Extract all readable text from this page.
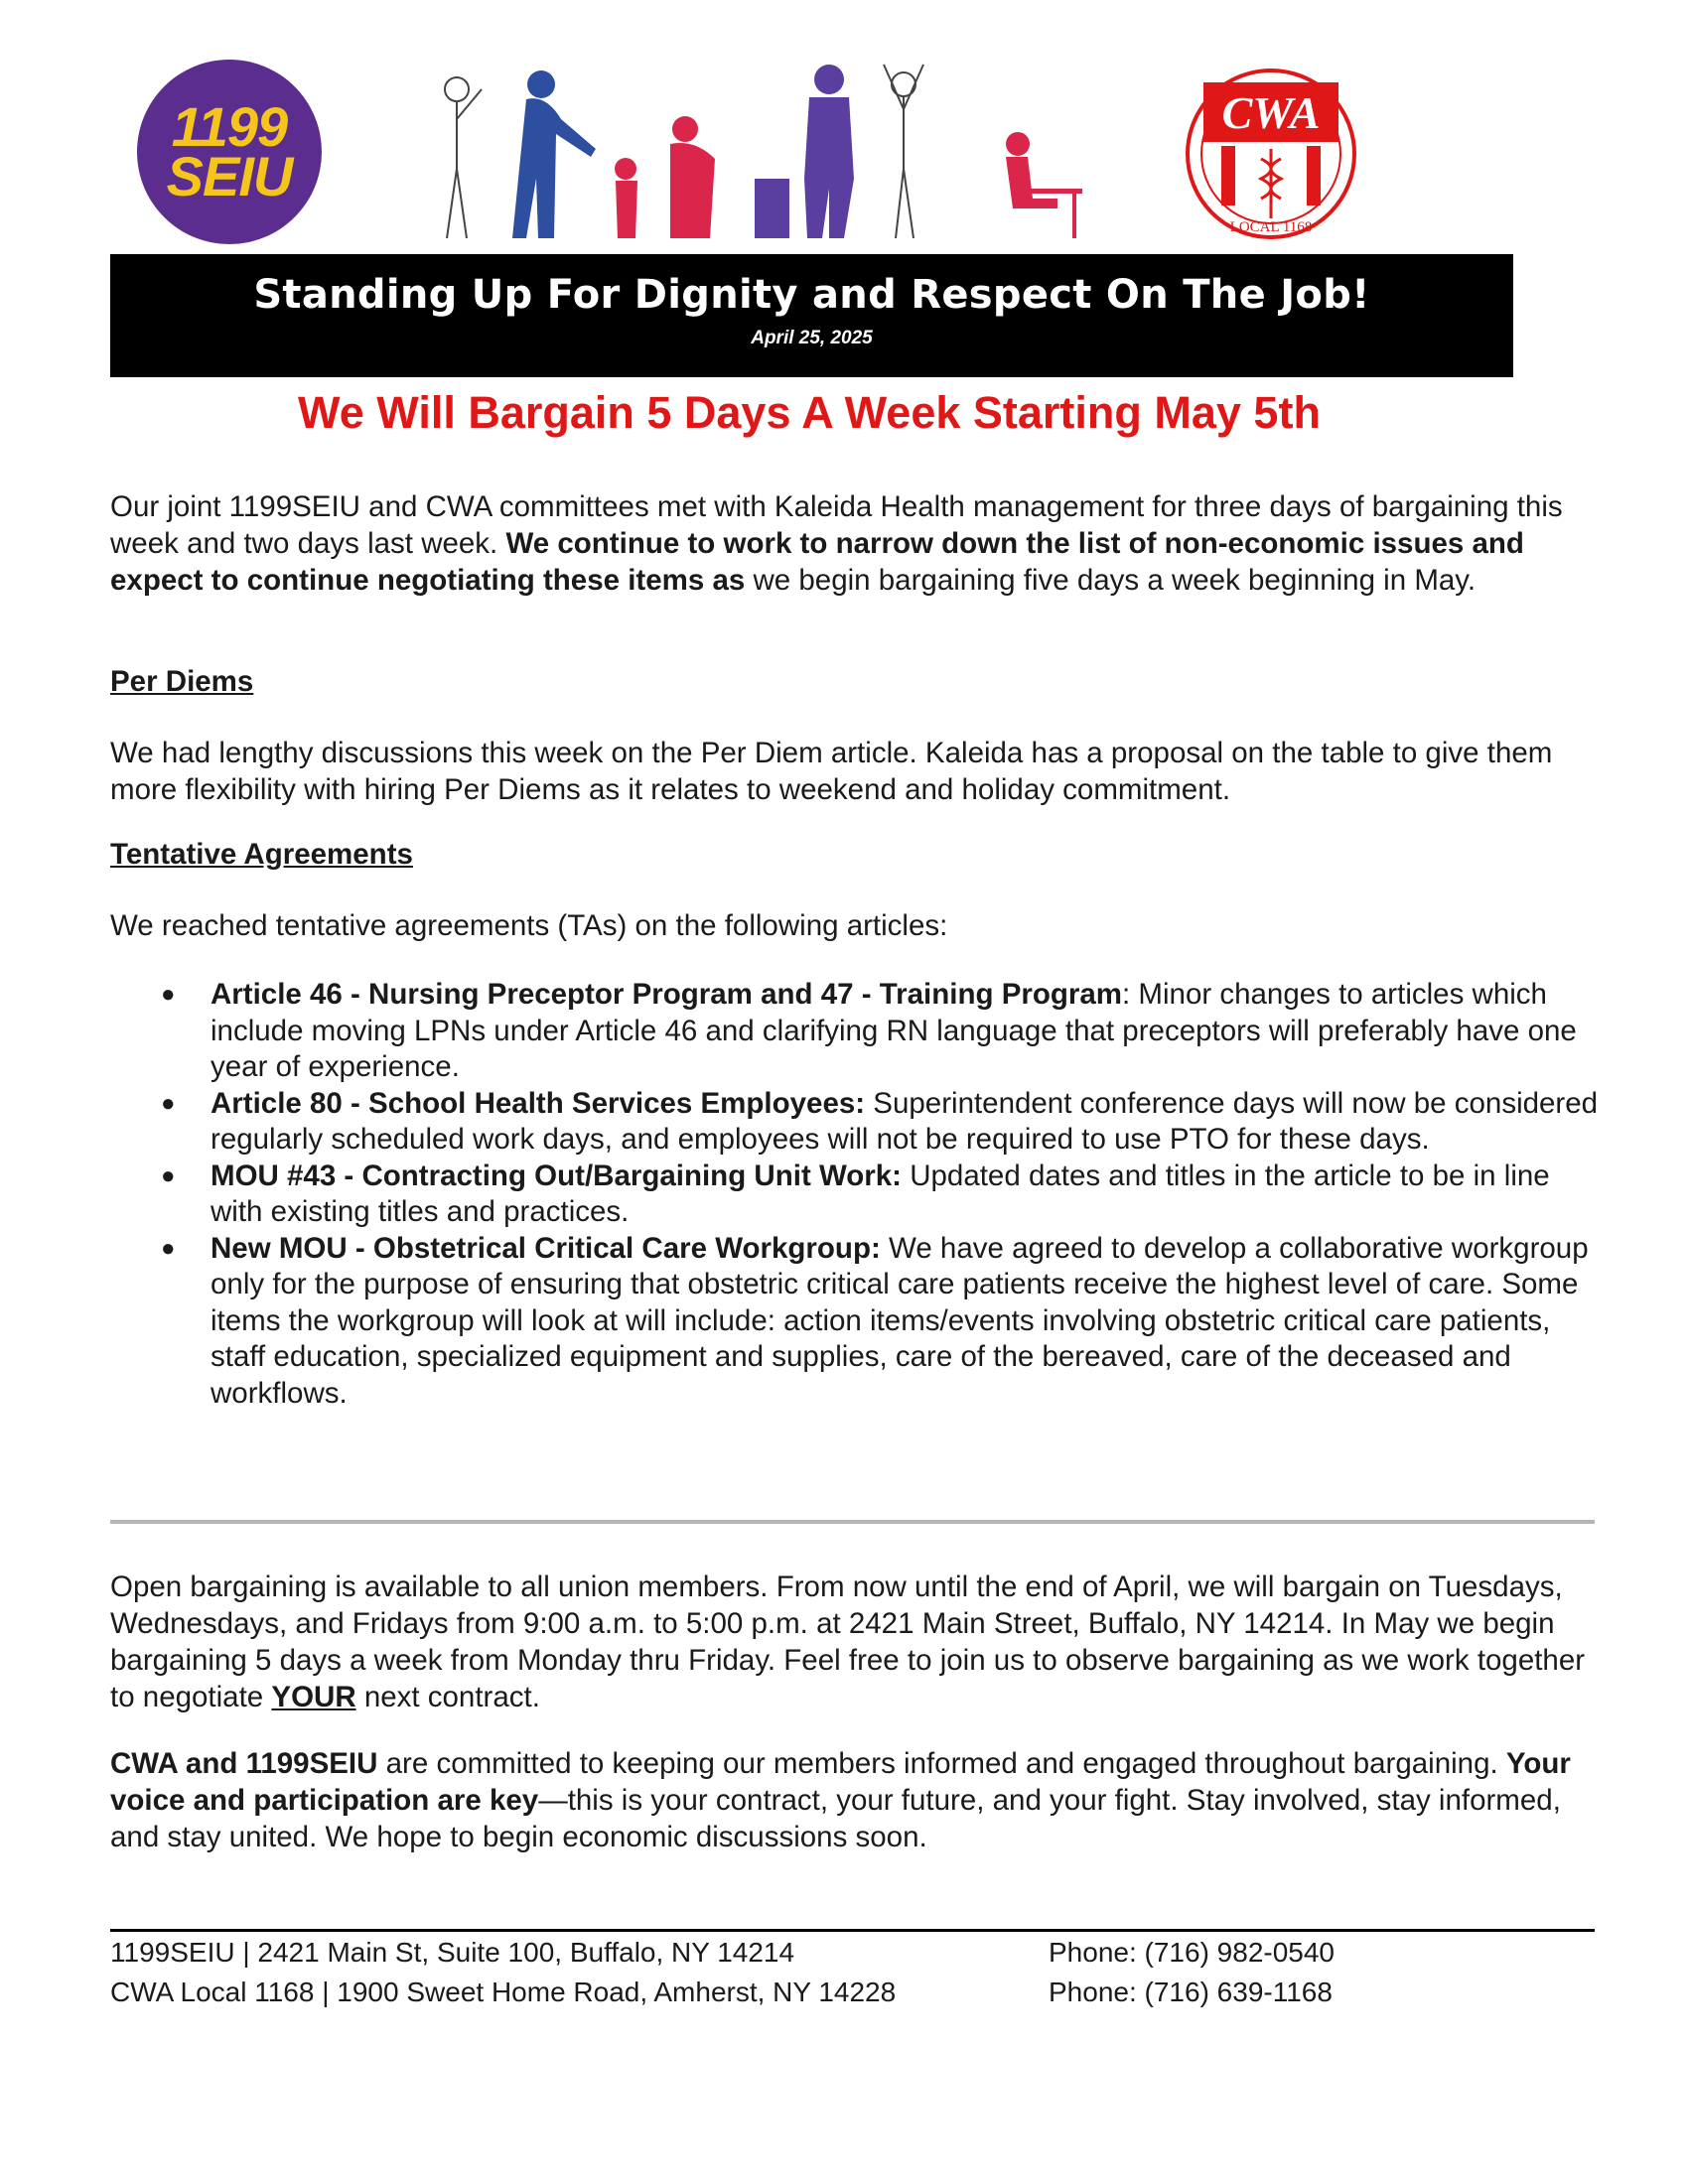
1199
SEIU
CWA
LOCAL 1168
Standing Up For Dignity and Respect On The Job!
April 25, 2025
We Will Bargain 5 Days A Week Starting May 5th
Our joint 1199SEIU and CWA committees met with Kaleida Health management for three days of bargaining this week and two days last week. We continue to work to narrow down the list of non-economic issues and expect to continue negotiating these items as we begin bargaining five days a week beginning in May.
Per Diems
We had lengthy discussions this week on the Per Diem article. Kaleida has a proposal on the table to give them more flexibility with hiring Per Diems as it relates to weekend and holiday commitment.
Tentative Agreements
We reached tentative agreements (TAs) on the following articles:
● Article 46 - Nursing Preceptor Program and 47 - Training Program: Minor changes to articles which include moving LPNs under Article 46 and clarifying RN language that preceptors will preferably have one year of experience.
● Article 80 - School Health Services Employees: Superintendent conference days will now be considered regularly scheduled work days, and employees will not be required to use PTO for these days.
● MOU #43 - Contracting Out/Bargaining Unit Work: Updated dates and titles in the article to be in line with existing titles and practices.
● New MOU - Obstetrical Critical Care Workgroup: We have agreed to develop a collaborative workgroup only for the purpose of ensuring that obstetric critical care patients receive the highest level of care. Some items the workgroup will look at will include: action items/events involving obstetric critical care patients, staff education, specialized equipment and supplies, care of the bereaved, care of the deceased and workflows.
Open bargaining is available to all union members. From now until the end of April, we will bargain on Tuesdays, Wednesdays, and Fridays from 9:00 a.m. to 5:00 p.m. at 2421 Main Street, Buffalo, NY 14214. In May we begin bargaining 5 days a week from Monday thru Friday. Feel free to join us to observe bargaining as we work together to negotiate YOUR next contract.
CWA and 1199SEIU are committed to keeping our members informed and engaged throughout bargaining. Your voice and participation are key—this is your contract, your future, and your fight. Stay involved, stay informed, and stay united. We hope to begin economic discussions soon.
1199SEIU | 2421 Main St, Suite 100, Buffalo, NY 14214	Phone: (716) 982-0540
CWA Local 1168 | 1900 Sweet Home Road, Amherst, NY 14228	Phone: (716) 639-1168
